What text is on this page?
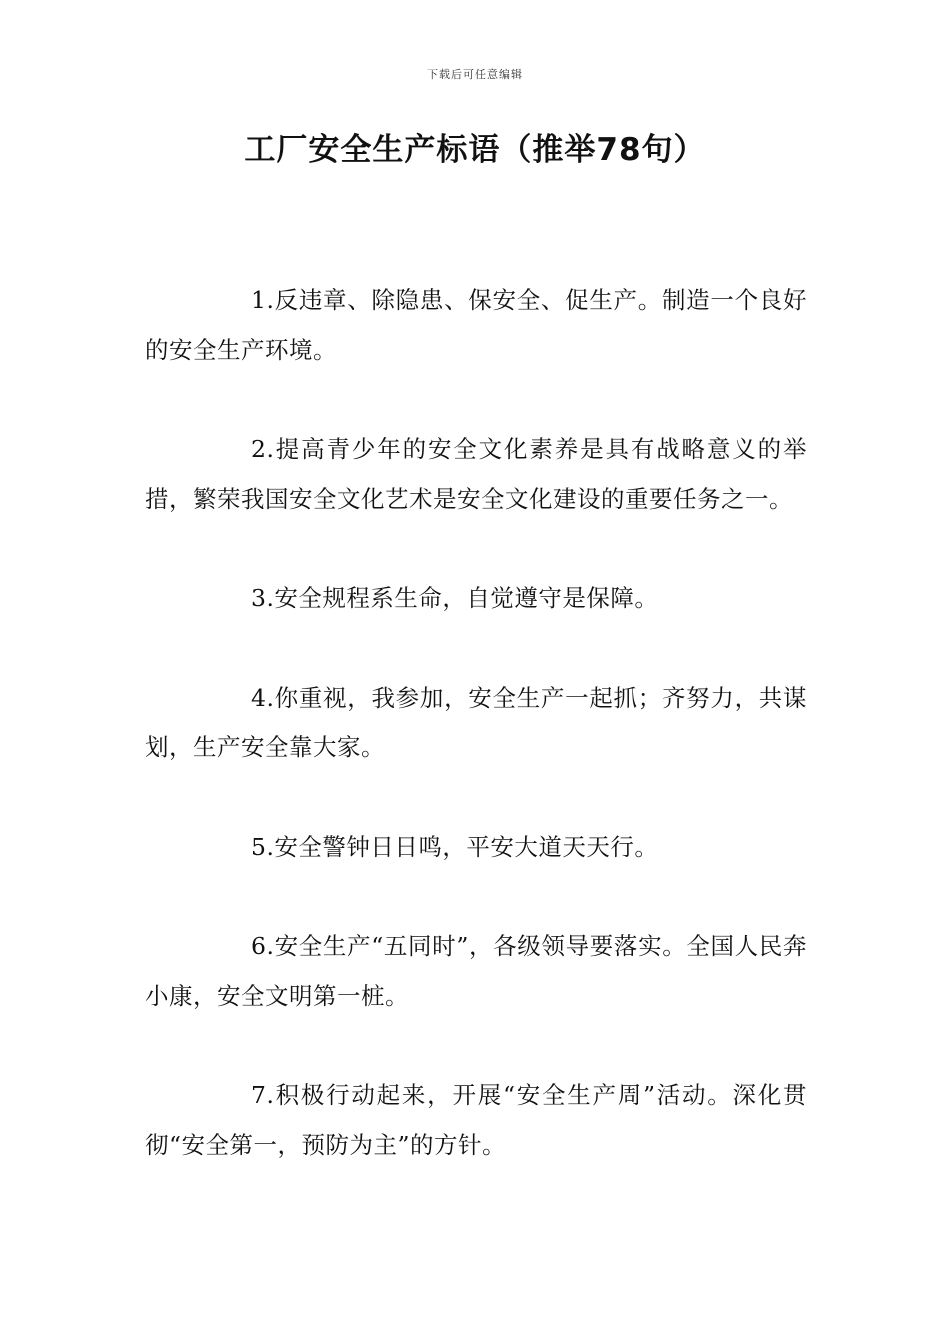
下载后可任意编辑
工厂安全生产标语（推举78句）

1.反违章、除隐患、保安全、促生产。制造一个良好的安全生产环境。

2.提高青少年的安全文化素养是具有战略意义的举措，繁荣我国安全文化艺术是安全文化建设的重要任务之一。

3.安全规程系生命，自觉遵守是保障。

4.你重视，我参加，安全生产一起抓；齐努力，共谋划，生产安全靠大家。

5.安全警钟日日鸣，平安大道天天行。

6.安全生产“五同时”，各级领导要落实。全国人民奔小康，安全文明第一桩。

7.积极行动起来，开展“安全生产周”活动。深化贯彻“安全第一，预防为主”的方针。
